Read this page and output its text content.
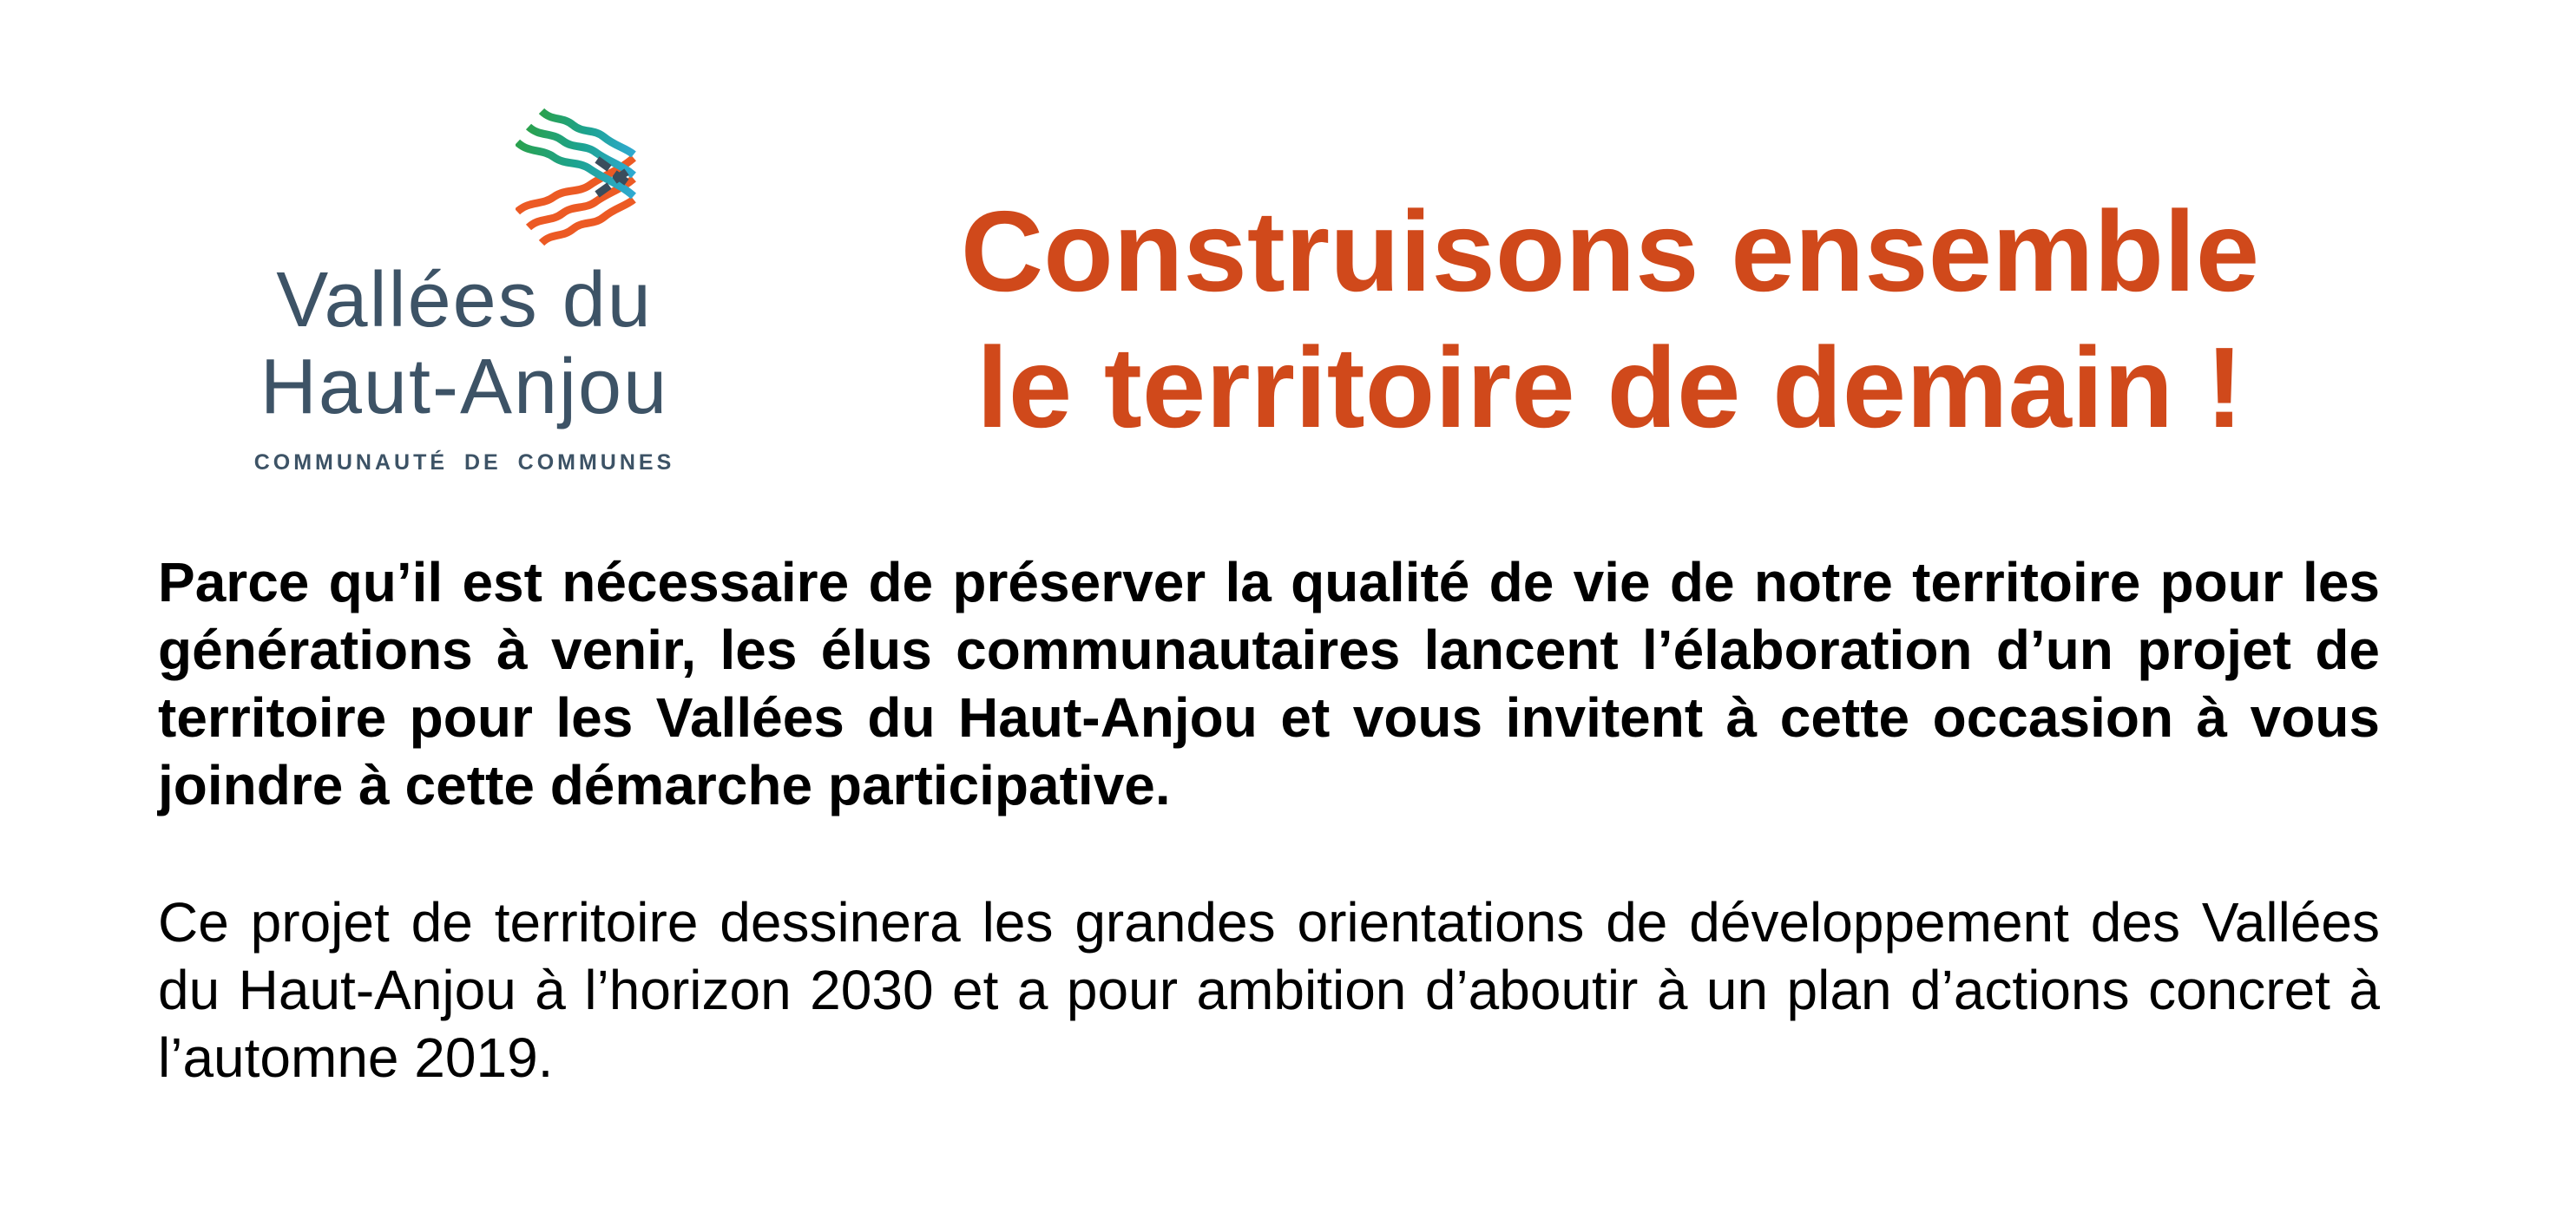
Vallées du
Haut-Anjou
COMMUNAUTÉ DE COMMUNES
Construisons ensemble
le territoire de demain !

Parce qu’il est nécessaire de préserver la qualité de vie de notre territoire pour les générations à venir, les élus communautaires lancent l’élaboration d’un projet de territoire pour les Vallées du Haut-Anjou et vous invitent à cette occasion à vous joindre à cette démarche participative.

Ce projet de territoire dessinera les grandes orientations de développement des Vallées du Haut-Anjou à l’horizon 2030 et a pour ambition d’aboutir à un plan d’actions concret à l’automne 2019.
